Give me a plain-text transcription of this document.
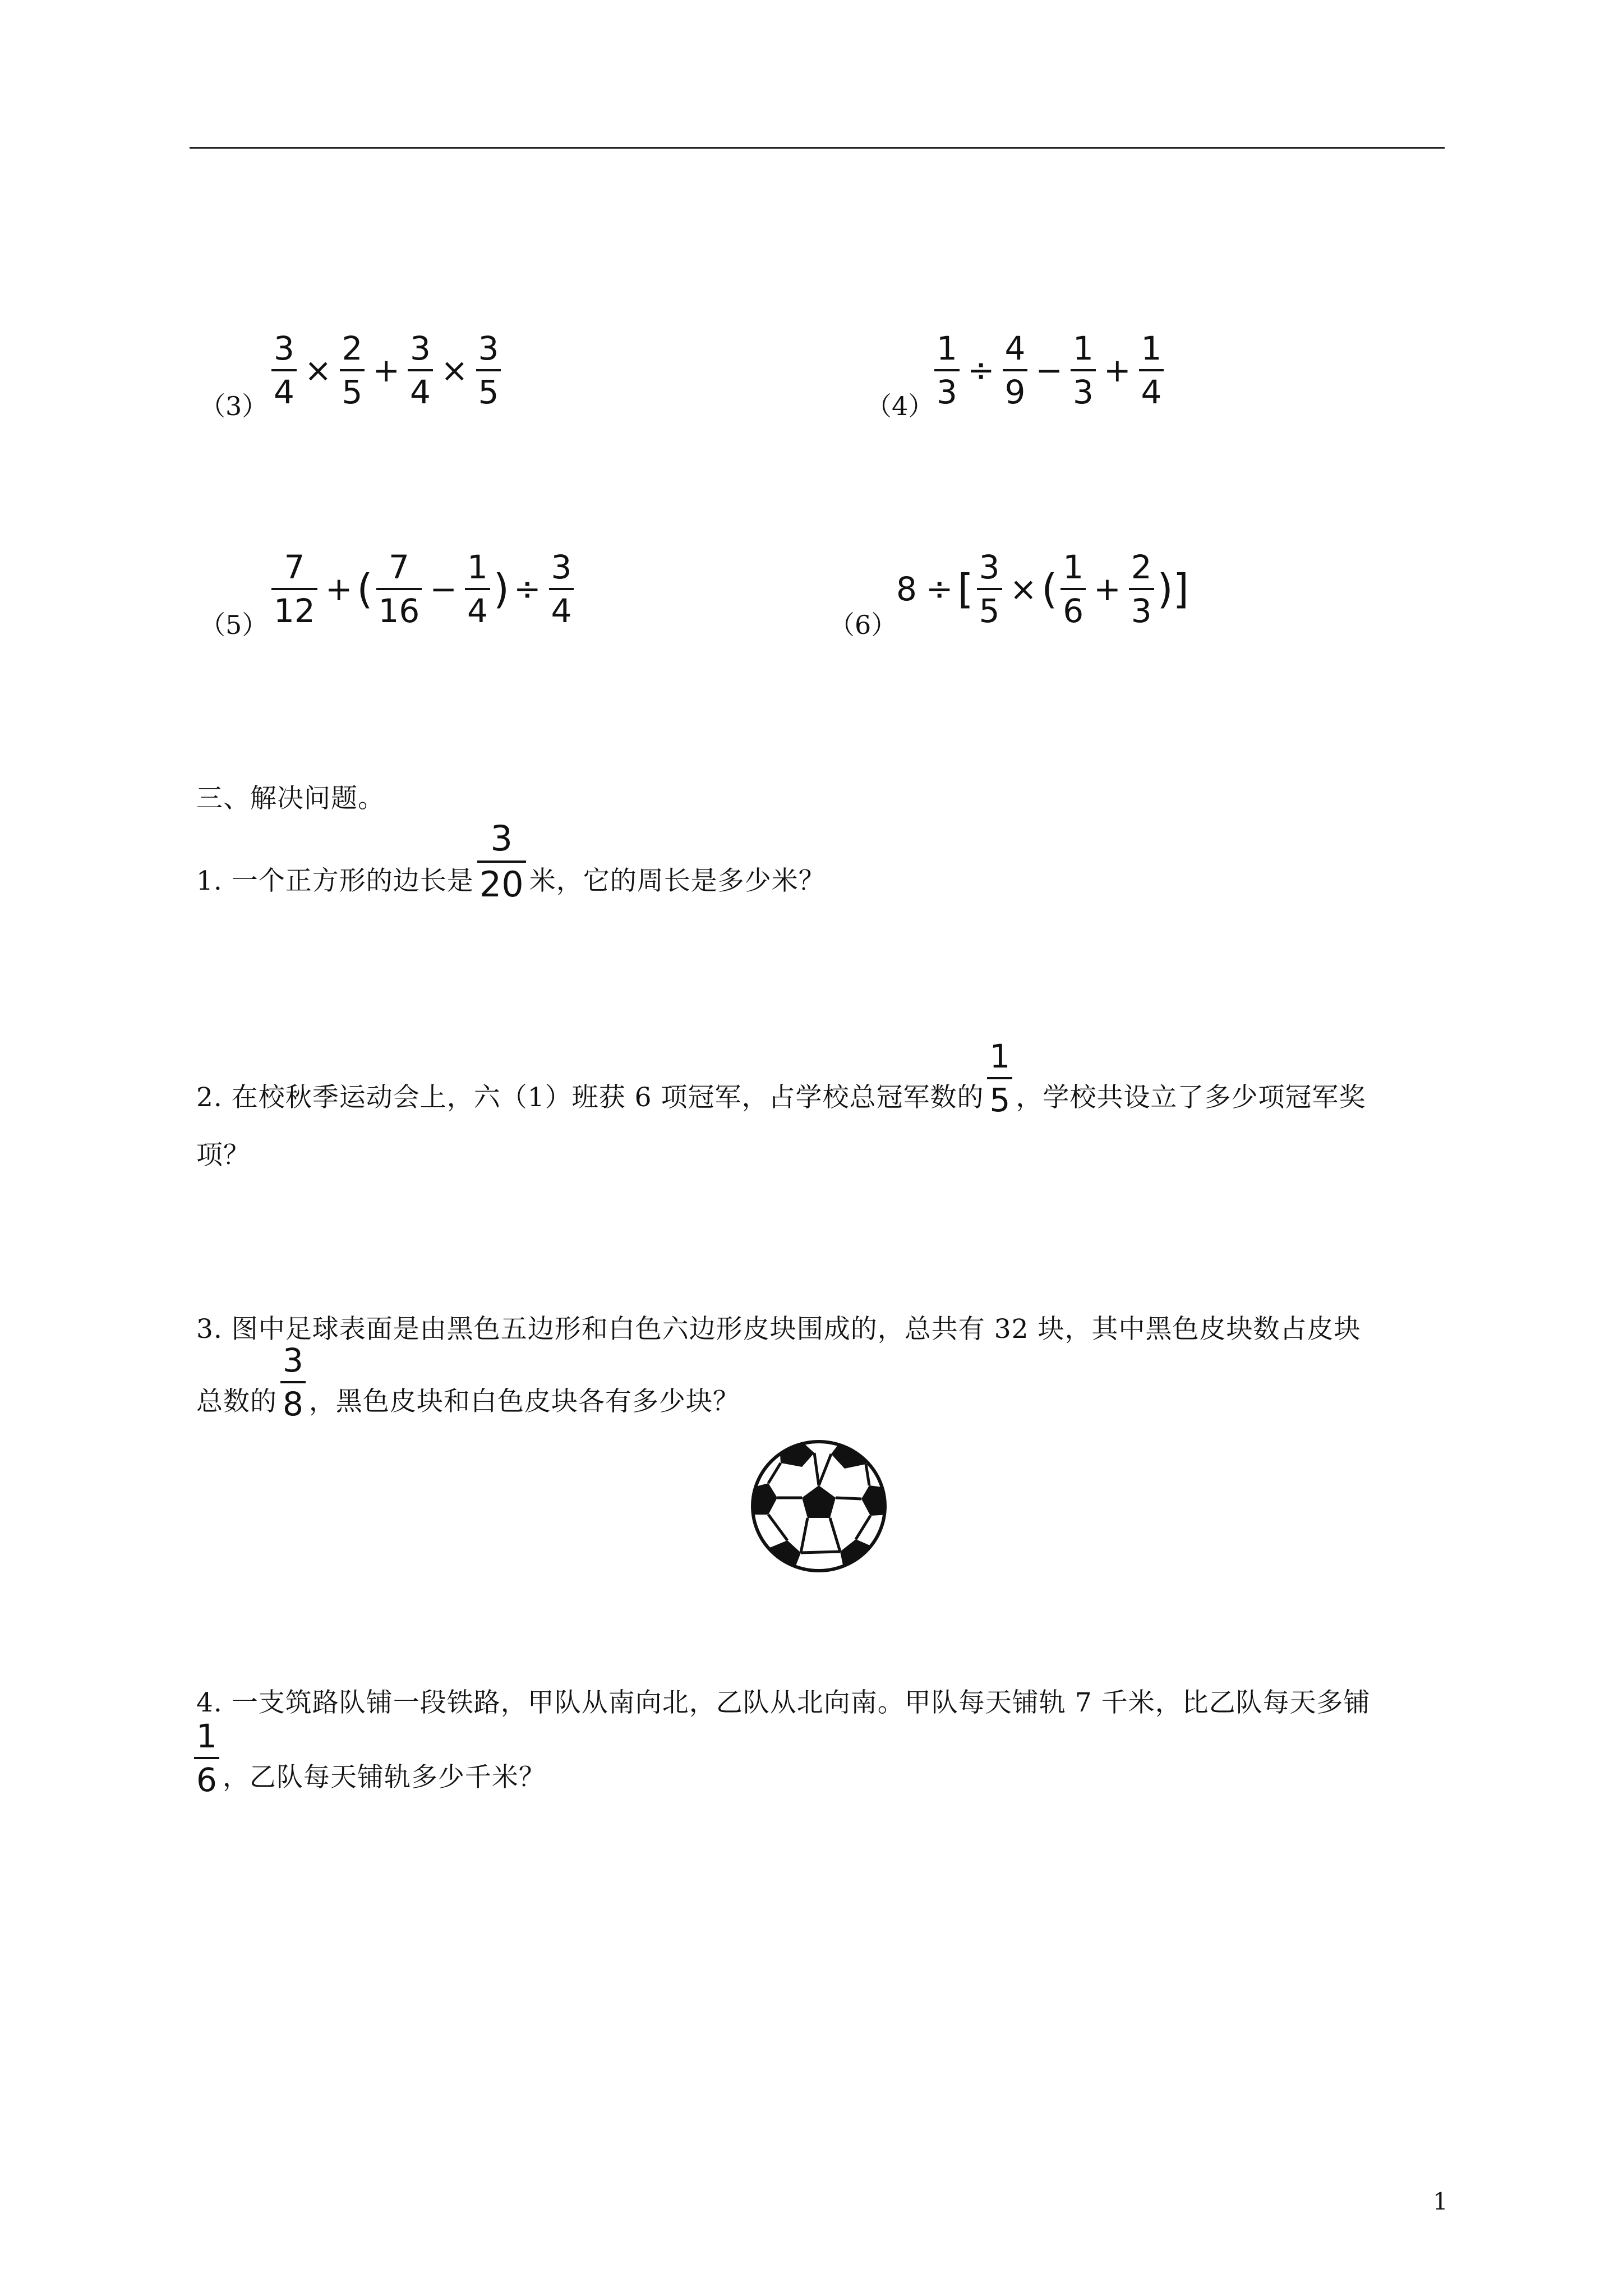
$(3) \frac{3}{4} \times \frac{2}{5} + \frac{3}{4} \times \frac{3}{5}$	$(4) \frac{1}{3} \div \frac{4}{9} - \frac{1}{3} + \frac{1}{4}$
$(5) \frac{7}{12}$ + ( $\frac{7}{16} - \frac{1}{4}$ ) ÷ $\frac{3}{4}$	（6）
8 ÷ [ $\frac{3}{5}$ × ( $\frac{1}{6} + \frac{2}{3}$ ) ]
三、解决问题。
1. 一个正方形的边长是 $\frac{3}{20}$ 米，它的周长是多少米？
2. 在校秋季运动会上，六（1）班获 6 项冠军，占学校总冠军数的 $\frac{1}{5}$ ，学校共设立了多少项冠军奖
项？
3. 图中足球表面是由黑色五边形和白色六边形皮块围成的，总共有 32 块，其中黑色皮块数占皮块
总数的 $\frac{3}{8}$ ，黑色皮块和白色皮块各有多少块？
4. 一支筑路队铺一段铁路，甲队从南向北，乙队从北向南。甲队每天铺轨 7 千米，比乙队每天多铺
$\frac{1}{6}$ ，乙队每天铺轨多少千米？
1
